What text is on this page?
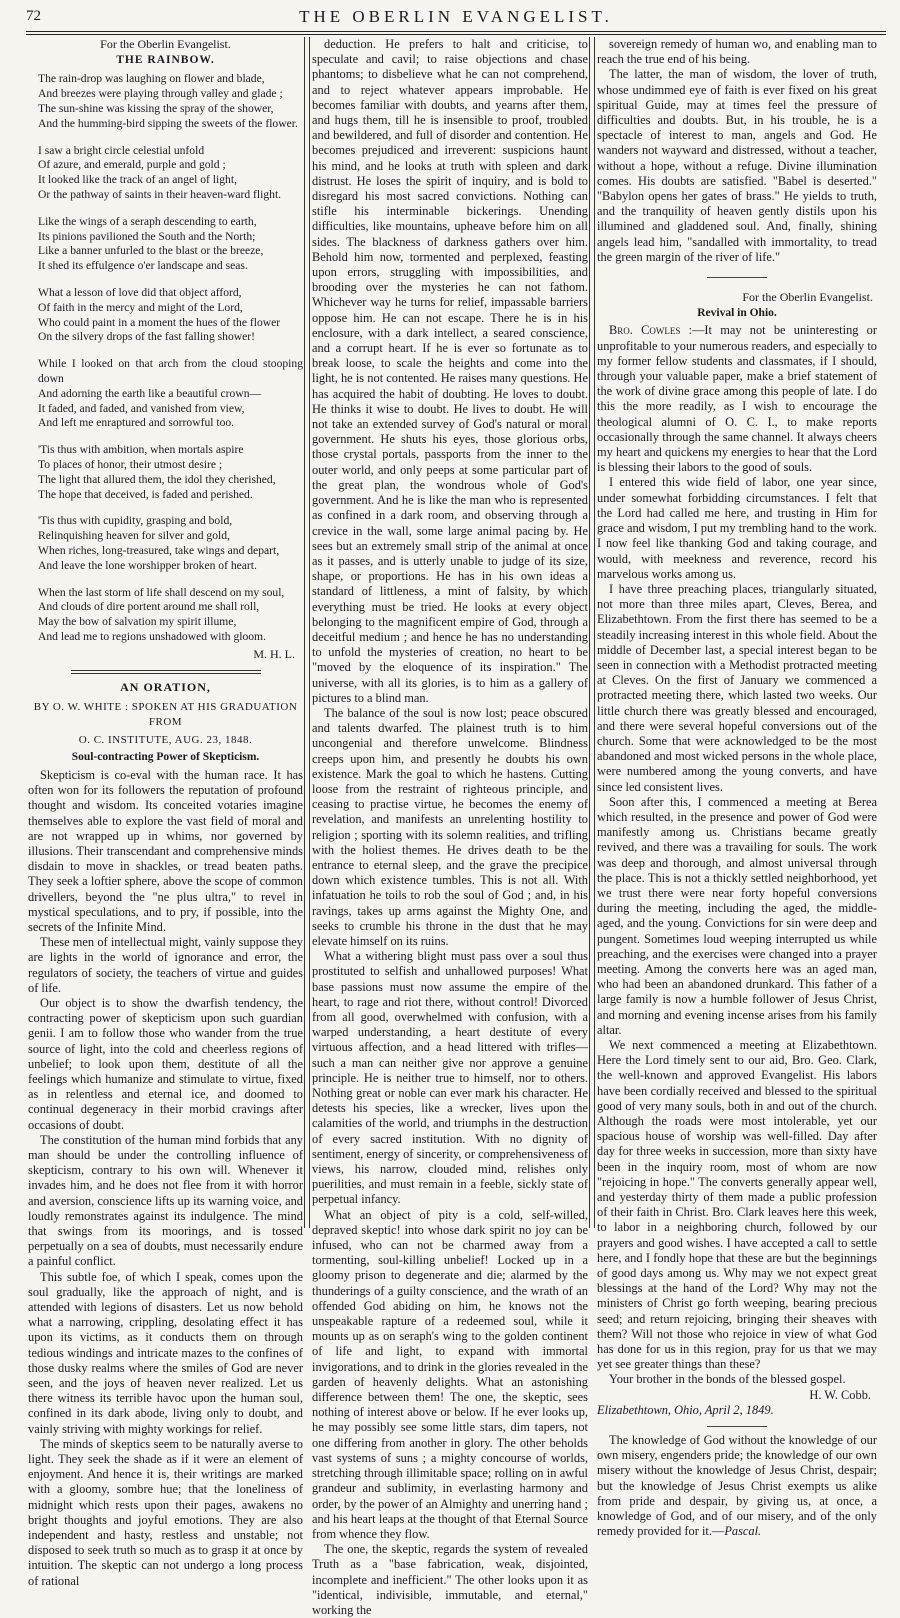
72	THE OBERLIN EVANGELIST.
For the Oberlin Evangelist.
THE RAINBOW.
The rain-drop was laughing on flower and blade,
And breezes were playing through valley and glade ;
The sun-shine was kissing the spray of the shower,
And the humming-bird sipping the sweets of the flower.
I saw a bright circle celestial unfold
Of azure, and emerald, purple and gold ;
It looked like the track of an angel of light,
Or the pathway of saints in their heaven-ward flight.
Like the wings of a seraph descending to earth,
Its pinions pavilioned the South and the North;
Like a banner unfurled to the blast or the breeze,
It shed its effulgence o'er landscape and seas.
What a lesson of love did that object afford,
Of faith in the mercy and might of the Lord,
Who could paint in a moment the hues of the flower
On the silvery drops of the fast falling shower!
While I looked on that arch from the cloud stooping down
And adorning the earth like a beautiful crown—
It faded, and faded, and vanished from view,
And left me enraptured and sorrowful too.
'Tis thus with ambition, when mortals aspire
To places of honor, their utmost desire ;
The light that allured them, the idol they cherished,
The hope that deceived, is faded and perished.
'Tis thus with cupidity, grasping and bold,
Relinquishing heaven for silver and gold,
When riches, long-treasured, take wings and depart,
And leave the lone worshipper broken of heart.
When the last storm of life shall descend on my soul,
And clouds of dire portent around me shall roll,
May the bow of salvation my spirit illume,
And lead me to regions unshadowed with gloom.
M. H. L.
AN ORATION,
BY O. W. WHITE : SPOKEN AT HIS GRADUATION FROM
O. C. INSTITUTE, AUG. 23, 1848.
Soul-contracting Power of Skepticism.

Skepticism is co-eval with the human race. It has often won for its followers the reputation of profound thought and wisdom. Its conceited votaries imagine themselves able to explore the vast field of moral and are not wrapped up in whims, nor governed by illusions. Their transcendant and comprehensive minds disdain to move in shackles, or tread beaten paths. They seek a loftier sphere, above the scope of common drivellers, beyond the "ne plus ultra," to revel in mystical speculations, and to pry, if possible, into the secrets of the Infinite Mind.

These men of intellectual might, vainly suppose they are lights in the world of ignorance and error, the regulators of society, the teachers of virtue and guides of life.

Our object is to show the dwarfish tendency, the contracting power of skepticism upon such guardian genii. I am to follow those who wander from the true source of light, into the cold and cheerless regions of unbelief; to look upon them, destitute of all the feelings which humanize and stimulate to virtue, fixed as in relentless and eternal ice, and doomed to continual degeneracy in their morbid cravings after occasions of doubt.

The constitution of the human mind forbids that any man should be under the controlling influence of skepticism, contrary to his own will. Whenever it invades him, and he does not flee from it with horror and aversion, conscience lifts up its warning voice, and loudly remonstrates against its indulgence. The mind that swings from its moorings, and is tossed perpetually on a sea of doubts, must necessarily endure a painful conflict.

This subtle foe, of which I speak, comes upon the soul gradually, like the approach of night, and is attended with legions of disasters. Let us now behold what a narrowing, crippling, desolating effect it has upon its victims, as it conducts them on through tedious windings and intricate mazes to the confines of those dusky realms where the smiles of God are never seen, and the joys of heaven never realized. Let us there witness its terrible havoc upon the human soul, confined in its dark abode, living only to doubt, and vainly striving with mighty workings for relief.

The minds of skeptics seem to be naturally averse to light. They seek the shade as if it were an element of enjoyment. And hence it is, their writings are marked with a gloomy, sombre hue; that the loneliness of midnight which rests upon their pages, awakens no bright thoughts and joyful emotions. They are also independent and hasty, restless and unstable; not disposed to seek truth so much as to grasp it at once by intuition. The skeptic can not undergo a long process of rational

deduction. He prefers to halt and criticise, to speculate and cavil; to raise objections and chase phantoms; to disbelieve what he can not comprehend, and to reject whatever appears improbable. He becomes familiar with doubts, and yearns after them, and hugs them, till he is insensible to proof, troubled and bewildered, and full of disorder and contention. He becomes prejudiced and irreverent: suspicions haunt his mind, and he looks at truth with spleen and dark distrust. He loses the spirit of inquiry, and is bold to disregard his most sacred convictions. Nothing can stifle his interminable bickerings. Unending difficulties, like mountains, upheave before him on all sides. The blackness of darkness gathers over him. Behold him now, tormented and perplexed, feasting upon errors, struggling with impossibilities, and brooding over the mysteries he can not fathom. Whichever way he turns for relief, impassable barriers oppose him. He can not escape. There he is in his enclosure, with a dark intellect, a seared conscience, and a corrupt heart. If he is ever so fortunate as to break loose, to scale the heights and come into the light, he is not contented. He raises many questions. He has acquired the habit of doubting. He loves to doubt. He thinks it wise to doubt. He lives to doubt. He will not take an extended survey of God's natural or moral government. He shuts his eyes, those glorious orbs, those crystal portals, passports from the inner to the outer world, and only peeps at some particular part of the great plan, the wondrous whole of God's government. And he is like the man who is represented as confined in a dark room, and observing through a crevice in the wall, some large animal pacing by. He sees but an extremely small strip of the animal at once as it passes, and is utterly unable to judge of its size, shape, or proportions. He has in his own ideas a standard of littleness, a mint of falsity, by which everything must be tried. He looks at every object belonging to the magnificent empire of God, through a deceitful medium ; and hence he has no understanding to unfold the mysteries of creation, no heart to be "moved by the eloquence of its inspiration." The universe, with all its glories, is to him as a gallery of pictures to a blind man.

The balance of the soul is now lost; peace obscured and talents dwarfed. The plainest truth is to him uncongenial and therefore unwelcome. Blindness creeps upon him, and presently he doubts his own existence. Mark the goal to which he hastens. Cutting loose from the restraint of righteous principle, and ceasing to practise virtue, he becomes the enemy of revelation, and manifests an unrelenting hostility to religion ; sporting with its solemn realities, and trifling with the holiest themes. He drives death to be the entrance to eternal sleep, and the grave the precipice down which existence tumbles. This is not all. With infatuation he toils to rob the soul of God ; and, in his ravings, takes up arms against the Mighty One, and seeks to crumble his throne in the dust that he may elevate himself on its ruins.

What a withering blight must pass over a soul thus prostituted to selfish and unhallowed purposes! What base passions must now assume the empire of the heart, to rage and riot there, without control! Divorced from all good, overwhelmed with confusion, with a warped understanding, a heart destitute of every virtuous affection, and a head littered with trifles—such a man can neither give nor approve a genuine principle. He is neither true to himself, nor to others. Nothing great or noble can ever mark his character. He detests his species, like a wrecker, lives upon the calamities of the world, and triumphs in the destruction of every sacred institution. With no dignity of sentiment, energy of sincerity, or comprehensiveness of views, his narrow, clouded mind, relishes only puerilities, and must remain in a feeble, sickly state of perpetual infancy.

What an object of pity is a cold, self-willed, depraved skeptic! into whose dark spirit no joy can be infused, who can not be charmed away from a tormenting, soul-killing unbelief! Locked up in a gloomy prison to degenerate and die; alarmed by the thunderings of a guilty conscience, and the wrath of an offended God abiding on him, he knows not the unspeakable rapture of a redeemed soul, while it mounts up as on seraph's wing to the golden continent of life and light, to expand with immortal invigorations, and to drink in the glories revealed in the garden of heavenly delights. What an astonishing difference between them! The one, the skeptic, sees nothing of interest above or below. If he ever looks up, he may possibly see some little stars, dim tapers, not one differing from another in glory. The other beholds vast systems of suns ; a mighty concourse of worlds, stretching through illimitable space; rolling on in awful grandeur and sublimity, in everlasting harmony and order, by the power of an Almighty and unerring hand ; and his heart leaps at the thought of that Eternal Source from whence they flow.

The one, the skeptic, regards the system of revealed Truth as a "base fabrication, weak, disjointed, incomplete and inefficient." The other looks upon it as "identical, indivisible, immutable, and eternal," working the

sovereign remedy of human wo, and enabling man to reach the true end of his being.

The latter, the man of wisdom, the lover of truth, whose undimmed eye of faith is ever fixed on his great spiritual Guide, may at times feel the pressure of difficulties and doubts. But, in his trouble, he is a spectacle of interest to man, angels and God. He wanders not wayward and distressed, without a teacher, without a hope, without a refuge. Divine illumination comes. His doubts are satisfied. "Babel is deserted." "Babylon opens her gates of brass." He yields to truth, and the tranquility of heaven gently distils upon his illumined and gladdened soul. And, finally, shining angels lead him, "sandalled with immortality, to tread the green margin of the river of life."

For the Oberlin Evangelist.
Revival in Ohio.

Bro. Cowles :—It may not be uninteresting or unprofitable to your numerous readers, and especially to my former fellow students and classmates, if I should, through your valuable paper, make a brief statement of the work of divine grace among this people of late. I do this the more readily, as I wish to encourage the theological alumni of O. C. I., to make reports occasionally through the same channel. It always cheers my heart and quickens my energies to hear that the Lord is blessing their labors to the good of souls.

I entered this wide field of labor, one year since, under somewhat forbidding circumstances. I felt that the Lord had called me here, and trusting in Him for grace and wisdom, I put my trembling hand to the work. I now feel like thanking God and taking courage, and would, with meekness and reverence, record his marvelous works among us.

I have three preaching places, triangularly situated, not more than three miles apart, Cleves, Berea, and Elizabethtown. From the first there has seemed to be a steadily increasing interest in this whole field. About the middle of December last, a special interest began to be seen in connection with a Methodist protracted meeting at Cleves. On the first of January we commenced a protracted meeting there, which lasted two weeks. Our little church there was greatly blessed and encouraged, and there were several hopeful conversions out of the church. Some that were acknowledged to be the most abandoned and most wicked persons in the whole place, were numbered among the young converts, and have since led consistent lives.

Soon after this, I commenced a meeting at Berea which resulted, in the presence and power of God were manifestly among us. Christians became greatly revived, and there was a travailing for souls. The work was deep and thorough, and almost universal through the place. This is not a thickly settled neighborhood, yet we trust there were near forty hopeful conversions during the meeting, including the aged, the middle-aged, and the young. Convictions for sin were deep and pungent. Sometimes loud weeping interrupted us while preaching, and the exercises were changed into a prayer meeting. Among the converts here was an aged man, who had been an abandoned drunkard. This father of a large family is now a humble follower of Jesus Christ, and morning and evening incense arises from his family altar.

We next commenced a meeting at Elizabethtown. Here the Lord timely sent to our aid, Bro. Geo. Clark, the well-known and approved Evangelist. His labors have been cordially received and blessed to the spiritual good of very many souls, both in and out of the church. Although the roads were most intolerable, yet our spacious house of worship was well-filled. Day after day for three weeks in succession, more than sixty have been in the inquiry room, most of whom are now "rejoicing in hope." The converts generally appear well, and yesterday thirty of them made a public profession of their faith in Christ. Bro. Clark leaves here this week, to labor in a neighboring church, followed by our prayers and good wishes. I have accepted a call to settle here, and I fondly hope that these are but the beginnings of good days among us. Why may we not expect great blessings at the hand of the Lord? Why may not the ministers of Christ go forth weeping, bearing precious seed; and return rejoicing, bringing their sheaves with them? Will not those who rejoice in view of what God has done for us in this region, pray for us that we may yet see greater things than these?

Your brother in the bonds of the blessed gospel.

H. W. Cobb.
Elizabethtown, Ohio, April 2, 1849.

The knowledge of God without the knowledge of our own misery, engenders pride; the knowledge of our own misery without the knowledge of Jesus Christ, despair; but the knowledge of Jesus Christ exempts us alike from pride and despair, by giving us, at once, a knowledge of God, and of our misery, and of the only remedy provided for it.—Pascal.
